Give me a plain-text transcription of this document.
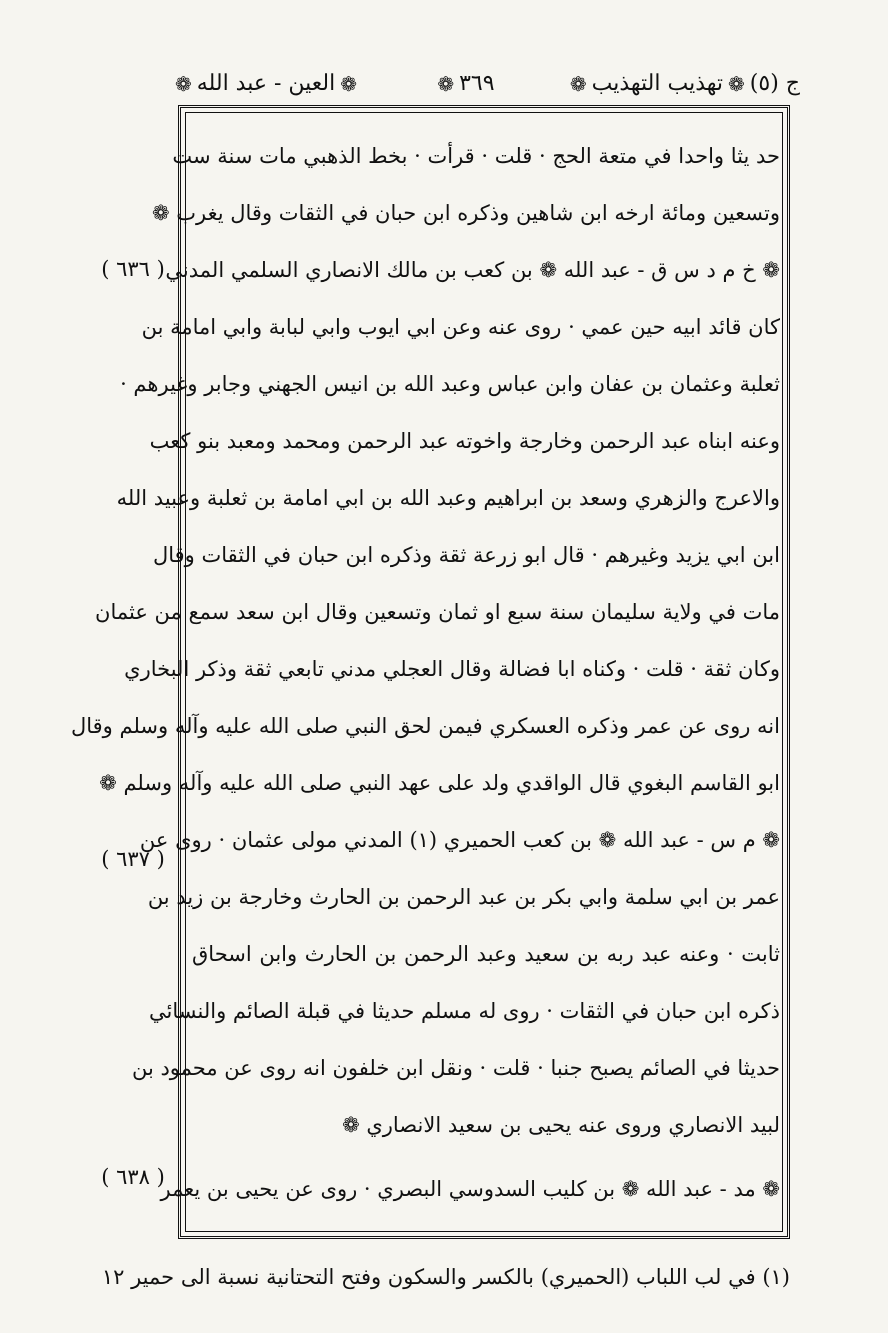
ج (٥)
❁
تهذيب التهذيب
❁
٣٦٩
❁
❁
العين - عبد الله
❁
حد يثا واحدا في متعة الحج · قلت · قرأت · بخط الذهبي مات سنة ست
وتسعين ومائة ارخه ابن شاهين وذكره ابن حبان في الثقات وقال يغرب ❁
❁ خ م د س ق - عبد الله ❁ بن كعب بن مالك الانصاري السلمي المدني
كان قائد ابيه حين عمي · روى عنه وعن ابي ايوب وابي لبابة وابي امامة بن
ثعلبة وعثمان بن عفان وابن عباس وعبد الله بن انيس الجهني وجابر وغيرهم ·
وعنه ابناه عبد الرحمن وخارجة واخوته عبد الرحمن ومحمد ومعبد بنو كعب
والاعرج والزهري وسعد بن ابراهيم وعبد الله بن ابي امامة بن ثعلبة وعبيد الله
ابن ابي يزيد وغيرهم · قال ابو زرعة ثقة وذكره ابن حبان في الثقات وقال
مات في ولاية سليمان سنة سبع او ثمان وتسعين وقال ابن سعد سمع من عثمان
وكان ثقة · قلت · وكناه ابا فضالة وقال العجلي مدني تابعي ثقة وذكر البخاري
انه روى عن عمر وذكره العسكري فيمن لحق النبي صلى الله عليه وآله وسلم وقال
ابو القاسم البغوي قال الواقدي ولد على عهد النبي صلى الله عليه وآله وسلم ❁
❁ م س - عبد الله ❁ بن كعب الحميري (١) المدني مولى عثمان · روى عن
عمر بن ابي سلمة وابي بكر بن عبد الرحمن بن الحارث وخارجة بن زيد بن
ثابت · وعنه عبد ربه بن سعيد وعبد الرحمن بن الحارث وابن اسحاق
ذكره ابن حبان في الثقات · روى له مسلم حديثا في قبلة الصائم والنسائي
حديثا في الصائم يصبح جنبا · قلت · ونقل ابن خلفون انه روى عن محمود بن
لبيد الانصاري وروى عنه يحيى بن سعيد الانصاري ❁
❁ مد - عبد الله ❁ بن كليب السدوسي البصري · روى عن يحيى بن يعمر
( ٦٣٦ )
( ٦٣٧ )
( ٦٣٨ )
(١) في لب اللباب (الحميري) بالكسر والسكون وفتح التحتانية نسبة الى حمير ١٢
